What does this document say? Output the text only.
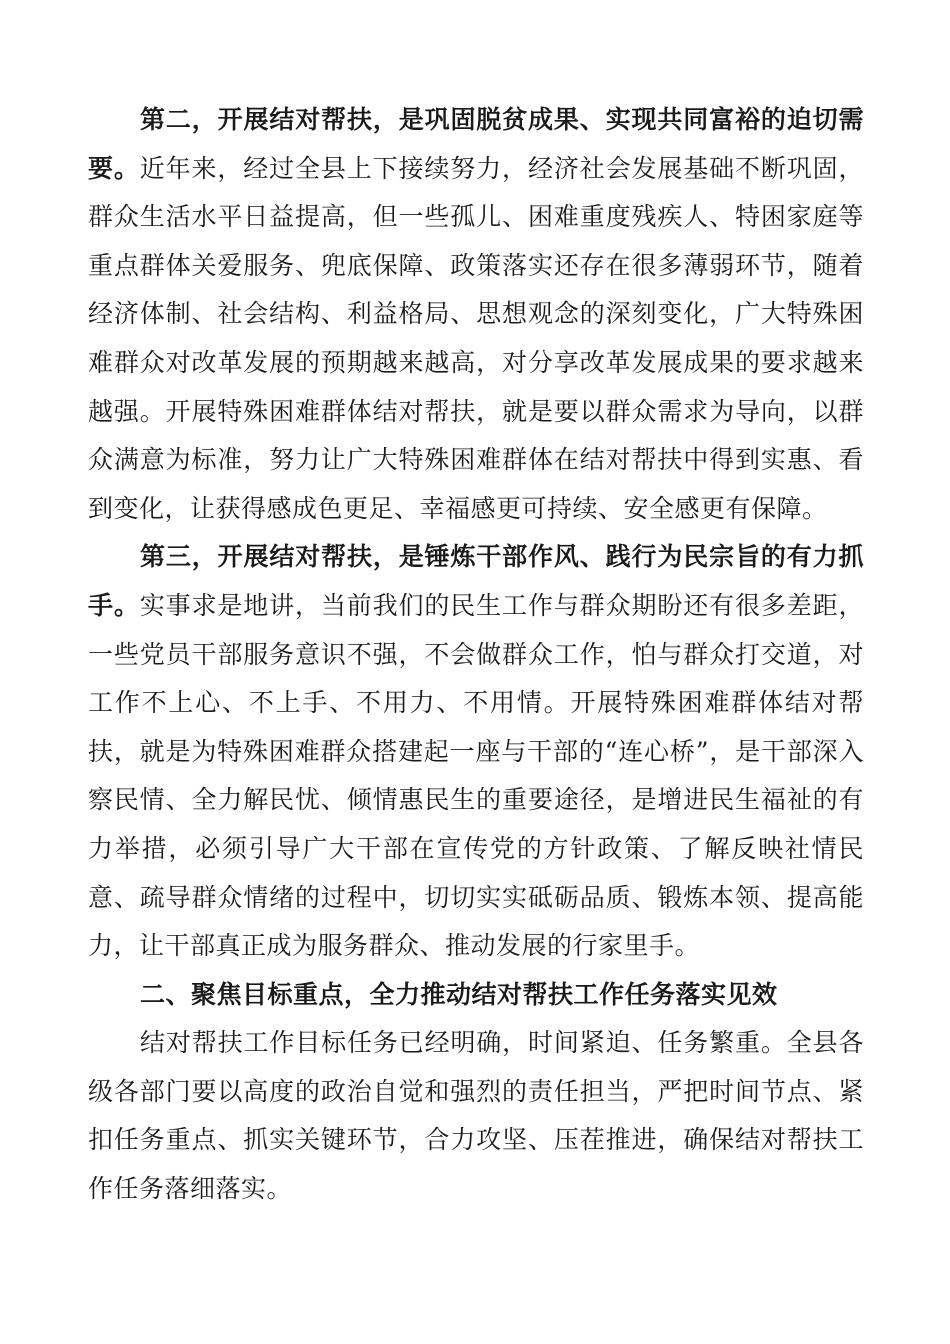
第二，开展结对帮扶，是巩固脱贫成果、实现共同富裕的迫切需要。近年来，经过全县上下接续努力，经济社会发展基础不断巩固，群众生活水平日益提高，但一些孤儿、困难重度残疾人、特困家庭等重点群体关爱服务、兜底保障、政策落实还存在很多薄弱环节，随着经济体制、社会结构、利益格局、思想观念的深刻变化，广大特殊困难群众对改革发展的预期越来越高，对分享改革发展成果的要求越来越强。开展特殊困难群体结对帮扶，就是要以群众需求为导向，以群众满意为标准，努力让广大特殊困难群体在结对帮扶中得到实惠、看到变化，让获得感成色更足、幸福感更可持续、安全感更有保障。

第三，开展结对帮扶，是锤炼干部作风、践行为民宗旨的有力抓手。实事求是地讲，当前我们的民生工作与群众期盼还有很多差距，一些党员干部服务意识不强，不会做群众工作，怕与群众打交道，对工作不上心、不上手、不用力、不用情。开展特殊困难群体结对帮扶，就是为特殊困难群众搭建起一座与干部的“连心桥”，是干部深入察民情、全力解民忧、倾情惠民生的重要途径，是增进民生福祉的有力举措，必须引导广大干部在宣传党的方针政策、了解反映社情民意、疏导群众情绪的过程中，切切实实砥砺品质、锻炼本领、提高能力，让干部真正成为服务群众、推动发展的行家里手。

二、聚焦目标重点，全力推动结对帮扶工作任务落实见效

结对帮扶工作目标任务已经明确，时间紧迫、任务繁重。全县各级各部门要以高度的政治自觉和强烈的责任担当，严把时间节点、紧扣任务重点、抓实关键环节，合力攻坚、压茬推进，确保结对帮扶工作任务落细落实。
